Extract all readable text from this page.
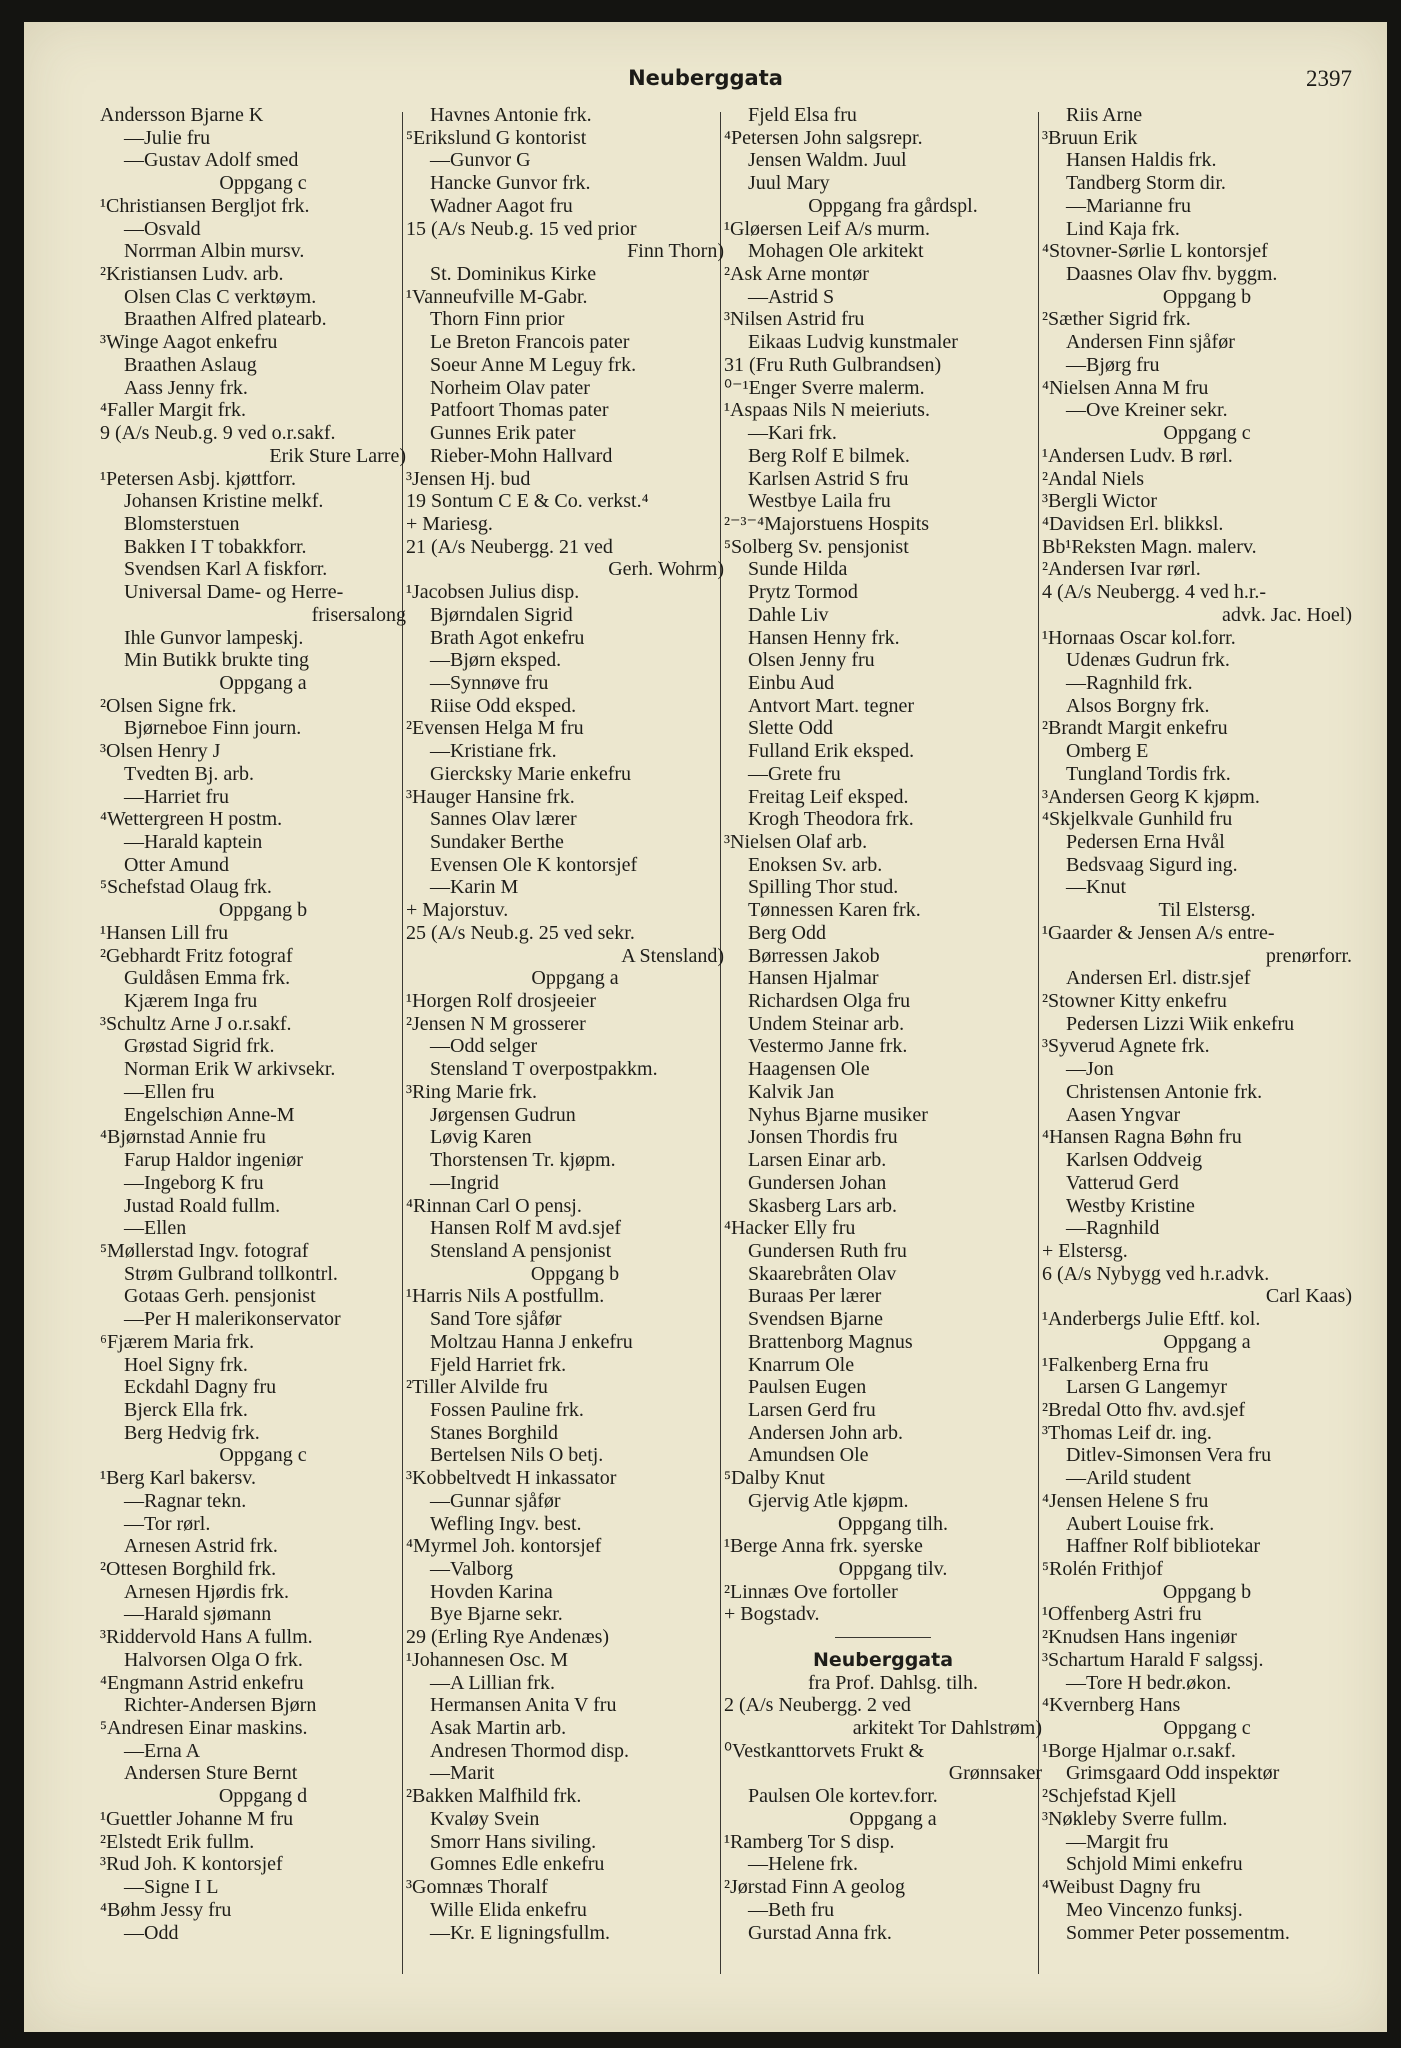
Neuberggata	2397
Andersson Bjarne K
—Julie fru
—Gustav Adolf smed
Oppgang c
¹Christiansen Bergljot frk.
—Osvald
Norrman Albin mursv.
²Kristiansen Ludv. arb.
Olsen Clas C verktøym.
Braathen Alfred platearb.
³Winge Aagot enkefru
Braathen Aslaug
Aass Jenny frk.
⁴Faller Margit frk.
9 (A/s Neub.g. 9 ved o.r.sakf.
Erik Sture Larre)
¹Petersen Asbj. kjøttforr.
Johansen Kristine melkf.
Blomsterstuen
Bakken I T tobakkforr.
Svendsen Karl A fiskforr.
Universal Dame- og Herre-
frisersalong
Ihle Gunvor lampeskj.
Min Butikk brukte ting
Oppgang a
²Olsen Signe frk.
Bjørneboe Finn journ.
³Olsen Henry J
Tvedten Bj. arb.
—Harriet fru
⁴Wettergreen H postm.
—Harald kaptein
Otter Amund
⁵Schefstad Olaug frk.
Oppgang b
¹Hansen Lill fru
²Gebhardt Fritz fotograf
Guldåsen Emma frk.
Kjærem Inga fru
³Schultz Arne J o.r.sakf.
Grøstad Sigrid frk.
Norman Erik W arkivsekr.
—Ellen fru
Engelschiøn Anne-M
⁴Bjørnstad Annie fru
Farup Haldor ingeniør
—Ingeborg K fru
Justad Roald fullm.
—Ellen
⁵Møllerstad Ingv. fotograf
Strøm Gulbrand tollkontrl.
Gotaas Gerh. pensjonist
—Per H malerikonservator
⁶Fjærem Maria frk.
Hoel Signy frk.
Eckdahl Dagny fru
Bjerck Ella frk.
Berg Hedvig frk.
Oppgang c
¹Berg Karl bakersv.
—Ragnar tekn.
—Tor rørl.
Arnesen Astrid frk.
²Ottesen Borghild frk.
Arnesen Hjørdis frk.
—Harald sjømann
³Riddervold Hans A fullm.
Halvorsen Olga O frk.
⁴Engmann Astrid enkefru
Richter-Andersen Bjørn
⁵Andresen Einar maskins.
—Erna A
Andersen Sture Bernt
Oppgang d
¹Guettler Johanne M fru
²Elstedt Erik fullm.
³Rud Joh. K kontorsjef
—Signe I L
⁴Bøhm Jessy fru
—Odd
Havnes Antonie frk.
⁵Erikslund G kontorist
—Gunvor G
Hancke Gunvor frk.
Wadner Aagot fru
15 (A/s Neub.g. 15 ved prior
Finn Thorn)
St. Dominikus Kirke
¹Vanneufville M-Gabr.
Thorn Finn prior
Le Breton Francois pater
Soeur Anne M Leguy frk.
Norheim Olav pater
Patfoort Thomas pater
Gunnes Erik pater
Rieber-Mohn Hallvard
³Jensen Hj. bud
19 Sontum C E & Co. verkst.⁴
+ Mariesg.
21 (A/s Neubergg. 21 ved
Gerh. Wohrm)
¹Jacobsen Julius disp.
Bjørndalen Sigrid
Brath Agot enkefru
—Bjørn eksped.
—Synnøve fru
Riise Odd eksped.
²Evensen Helga M fru
—Kristiane frk.
Giercksky Marie enkefru
³Hauger Hansine frk.
Sannes Olav lærer
Sundaker Berthe
Evensen Ole K kontorsjef
—Karin M
+ Majorstuv.
25 (A/s Neub.g. 25 ved sekr.
A Stensland)
Oppgang a
¹Horgen Rolf drosjeeier
²Jensen N M grosserer
—Odd selger
Stensland T overpostpakkm.
³Ring Marie frk.
Jørgensen Gudrun
Løvig Karen
Thorstensen Tr. kjøpm.
—Ingrid
⁴Rinnan Carl O pensj.
Hansen Rolf M avd.sjef
Stensland A pensjonist
Oppgang b
¹Harris Nils A postfullm.
Sand Tore sjåfør
Moltzau Hanna J enkefru
Fjeld Harriet frk.
²Tiller Alvilde fru
Fossen Pauline frk.
Stanes Borghild
Bertelsen Nils O betj.
³Kobbeltvedt H inkassator
—Gunnar sjåfør
Wefling Ingv. best.
⁴Myrmel Joh. kontorsjef
—Valborg
Hovden Karina
Bye Bjarne sekr.
29 (Erling Rye Andenæs)
¹Johannesen Osc. M
—A Lillian frk.
Hermansen Anita V fru
Asak Martin arb.
Andresen Thormod disp.
—Marit
²Bakken Malfhild frk.
Kvaløy Svein
Smorr Hans siviling.
Gomnes Edle enkefru
³Gomnæs Thoralf
Wille Elida enkefru
—Kr. E ligningsfullm.
Fjeld Elsa fru
⁴Petersen John salgsrepr.
Jensen Waldm. Juul
Juul Mary
Oppgang fra gårdspl.
¹Gløersen Leif A/s murm.
Mohagen Ole arkitekt
²Ask Arne montør
—Astrid S
³Nilsen Astrid fru
Eikaas Ludvig kunstmaler
31 (Fru Ruth Gulbrandsen)
⁰⁻¹Enger Sverre malerm.
¹Aspaas Nils N meieriuts.
—Kari frk.
Berg Rolf E bilmek.
Karlsen Astrid S fru
Westbye Laila fru
²⁻³⁻⁴Majorstuens Hospits
⁵Solberg Sv. pensjonist
Sunde Hilda
Prytz Tormod
Dahle Liv
Hansen Henny frk.
Olsen Jenny fru
Einbu Aud
Antvort Mart. tegner
Slette Odd
Fulland Erik eksped.
—Grete fru
Freitag Leif eksped.
Krogh Theodora frk.
³Nielsen Olaf arb.
Enoksen Sv. arb.
Spilling Thor stud.
Tønnessen Karen frk.
Berg Odd
Børressen Jakob
Hansen Hjalmar
Richardsen Olga fru
Undem Steinar arb.
Vestermo Janne frk.
Haagensen Ole
Kalvik Jan
Nyhus Bjarne musiker
Jonsen Thordis fru
Larsen Einar arb.
Gundersen Johan
Skasberg Lars arb.
⁴Hacker Elly fru
Gundersen Ruth fru
Skaarebråten Olav
Buraas Per lærer
Svendsen Bjarne
Brattenborg Magnus
Knarrum Ole
Paulsen Eugen
Larsen Gerd fru
Andersen John arb.
Amundsen Ole
⁵Dalby Knut
Gjervig Atle kjøpm.
Oppgang tilh.
¹Berge Anna frk. syerske
Oppgang tilv.
²Linnæs Ove fortoller
+ Bogstadv.
Neuberggata
fra Prof. Dahlsg. tilh.
2 (A/s Neubergg. 2 ved
arkitekt Tor Dahlstrøm)
⁰Vestkanttorvets Frukt &
Grønnsaker
Paulsen Ole kortev.forr.
Oppgang a
¹Ramberg Tor S disp.
—Helene frk.
²Jørstad Finn A geolog
—Beth fru
Gurstad Anna frk.
Riis Arne
³Bruun Erik
Hansen Haldis frk.
Tandberg Storm dir.
—Marianne fru
Lind Kaja frk.
⁴Stovner-Sørlie L kontorsjef
Daasnes Olav fhv. byggm.
Oppgang b
²Sæther Sigrid frk.
Andersen Finn sjåfør
—Bjørg fru
⁴Nielsen Anna M fru
—Ove Kreiner sekr.
Oppgang c
¹Andersen Ludv. B rørl.
²Andal Niels
³Bergli Wictor
⁴Davidsen Erl. blikksl.
Bb¹Reksten Magn. malerv.
²Andersen Ivar rørl.
4 (A/s Neubergg. 4 ved h.r.-
advk. Jac. Hoel)
¹Hornaas Oscar kol.forr.
Udenæs Gudrun frk.
—Ragnhild frk.
Alsos Borgny frk.
²Brandt Margit enkefru
Omberg E
Tungland Tordis frk.
³Andersen Georg K kjøpm.
⁴Skjelkvale Gunhild fru
Pedersen Erna Hvål
Bedsvaag Sigurd ing.
—Knut
Til Elstersg.
¹Gaarder & Jensen A/s entre-
prenørforr.
Andersen Erl. distr.sjef
²Stowner Kitty enkefru
Pedersen Lizzi Wiik enkefru
³Syverud Agnete frk.
—Jon
Christensen Antonie frk.
Aasen Yngvar
⁴Hansen Ragna Bøhn fru
Karlsen Oddveig
Vatterud Gerd
Westby Kristine
—Ragnhild
+ Elstersg.
6 (A/s Nybygg ved h.r.advk.
Carl Kaas)
¹Anderbergs Julie Eftf. kol.
Oppgang a
¹Falkenberg Erna fru
Larsen G Langemyr
²Bredal Otto fhv. avd.sjef
³Thomas Leif dr. ing.
Ditlev-Simonsen Vera fru
—Arild student
⁴Jensen Helene S fru
Aubert Louise frk.
Haffner Rolf bibliotekar
⁵Rolén Frithjof
Oppgang b
¹Offenberg Astri fru
²Knudsen Hans ingeniør
³Schartum Harald F salgssj.
—Tore H bedr.økon.
⁴Kvernberg Hans
Oppgang c
¹Borge Hjalmar o.r.sakf.
Grimsgaard Odd inspektør
²Schjefstad Kjell
³Nøkleby Sverre fullm.
—Margit fru
Schjold Mimi enkefru
⁴Weibust Dagny fru
Meo Vincenzo funksj.
Sommer Peter possementm.
